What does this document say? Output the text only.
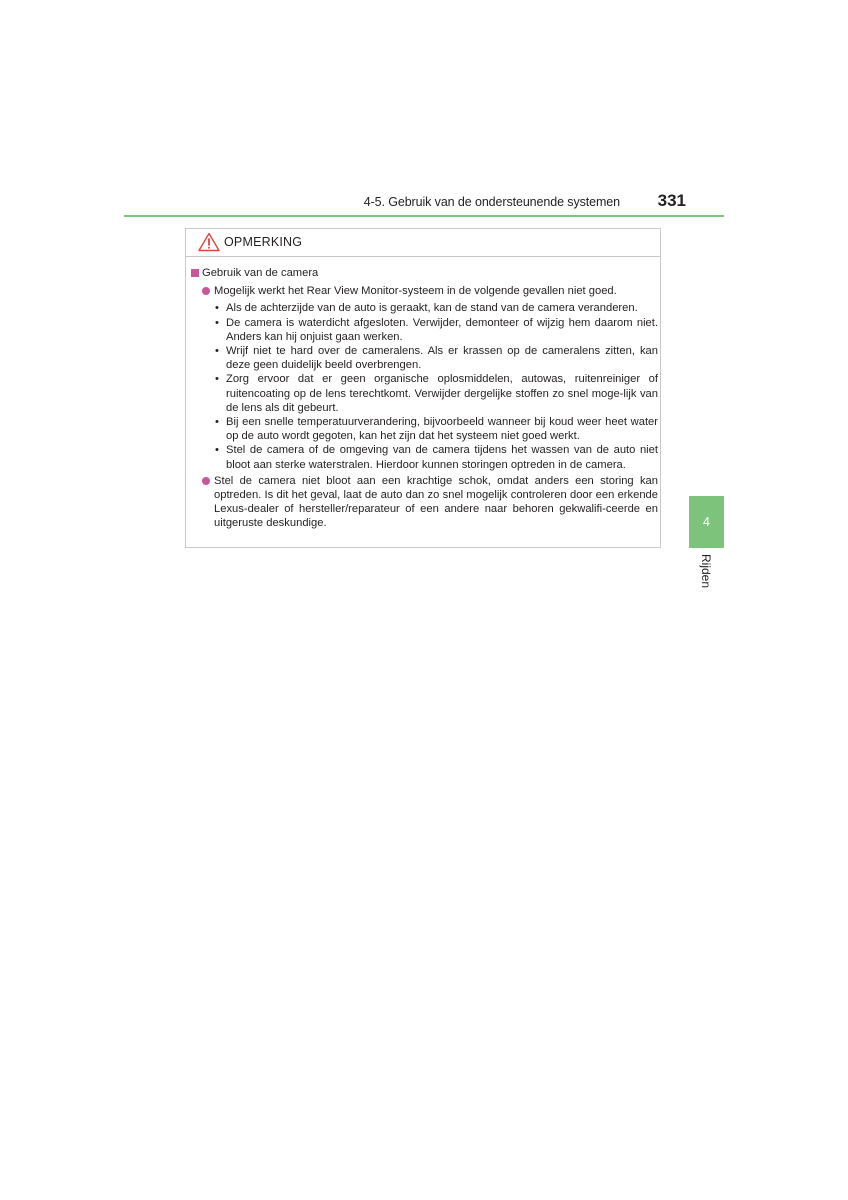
4-5. Gebruik van de ondersteunende systemen	331
OPMERKING
Gebruik van de camera
Mogelijk werkt het Rear View Monitor-systeem in de volgende gevallen niet goed.
• Als de achterzijde van de auto is geraakt, kan de stand van de camera veranderen.
• De camera is waterdicht afgesloten. Verwijder, demonteer of wijzig hem daarom niet. Anders kan hij onjuist gaan werken.
• Wrijf niet te hard over de cameralens. Als er krassen op de cameralens zitten, kan deze geen duidelijk beeld overbrengen.
• Zorg ervoor dat er geen organische oplosmiddelen, autowas, ruitenreiniger of ruitencoating op de lens terechtkomt. Verwijder dergelijke stoffen zo snel moge-lijk van de lens als dit gebeurt.
• Bij een snelle temperatuurverandering, bijvoorbeeld wanneer bij koud weer heet water op de auto wordt gegoten, kan het zijn dat het systeem niet goed werkt.
• Stel de camera of de omgeving van de camera tijdens het wassen van de auto niet bloot aan sterke waterstralen. Hierdoor kunnen storingen optreden in de camera.
Stel de camera niet bloot aan een krachtige schok, omdat anders een storing kan optreden. Is dit het geval, laat de auto dan zo snel mogelijk controleren door een erkende Lexus-dealer of hersteller/reparateur of een andere naar behoren gekwalifi-ceerde en uitgeruste deskundige.	4
Rijden
